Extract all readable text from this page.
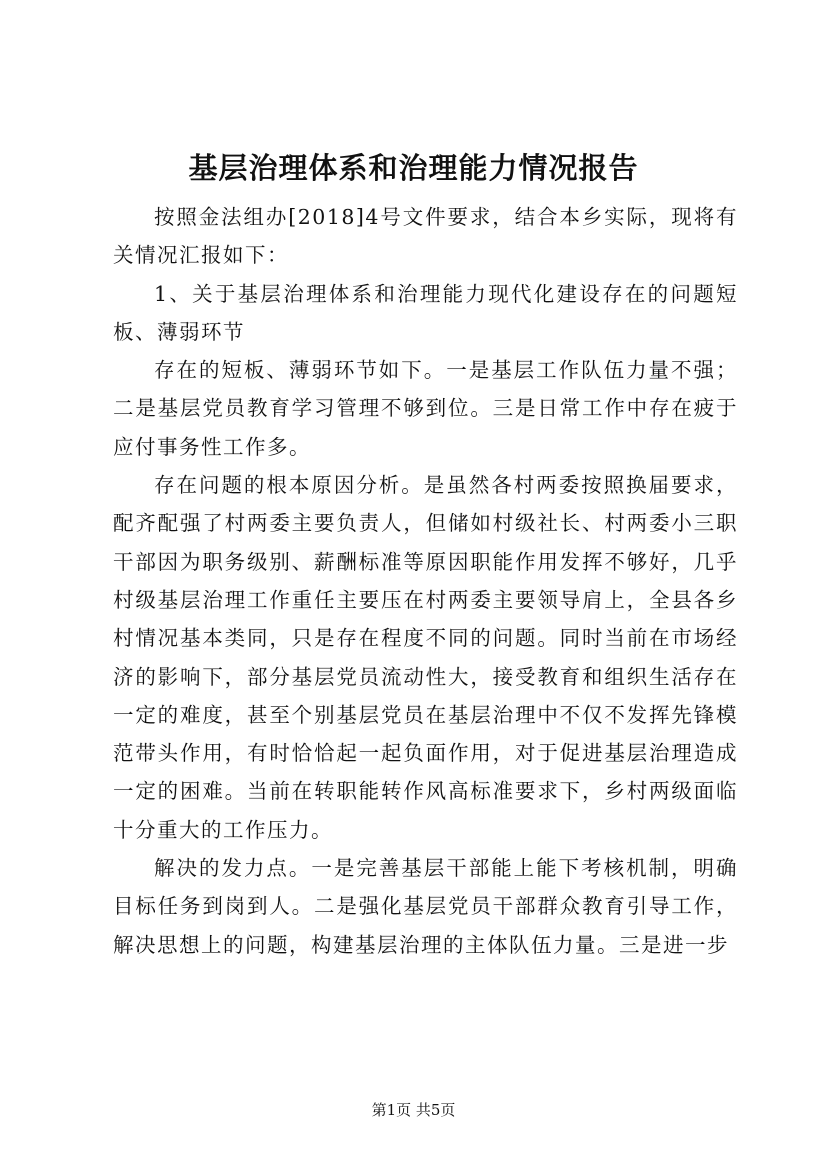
基层治理体系和治理能力情况报告

按照金法组办[2018]4号文件要求，结合本乡实际，现将有关情况汇报如下：

1、关于基层治理体系和治理能力现代化建设存在的问题短板、薄弱环节

存在的短板、薄弱环节如下。一是基层工作队伍力量不强；二是基层党员教育学习管理不够到位。三是日常工作中存在疲于应付事务性工作多。

存在问题的根本原因分析。是虽然各村两委按照换届要求，配齐配强了村两委主要负责人，但储如村级社长、村两委小三职干部因为职务级别、薪酬标准等原因职能作用发挥不够好，几乎村级基层治理工作重任主要压在村两委主要领导肩上，全县各乡村情况基本类同，只是存在程度不同的问题。同时当前在市场经济的影响下，部分基层党员流动性大，接受教育和组织生活存在一定的难度，甚至个别基层党员在基层治理中不仅不发挥先锋模范带头作用，有时恰恰起一起负面作用，对于促进基层治理造成一定的困难。当前在转职能转作风高标准要求下，乡村两级面临十分重大的工作压力。

解决的发力点。一是完善基层干部能上能下考核机制，明确目标任务到岗到人。二是强化基层党员干部群众教育引导工作，解决思想上的问题，构建基层治理的主体队伍力量。三是进一步

第1页 共5页
